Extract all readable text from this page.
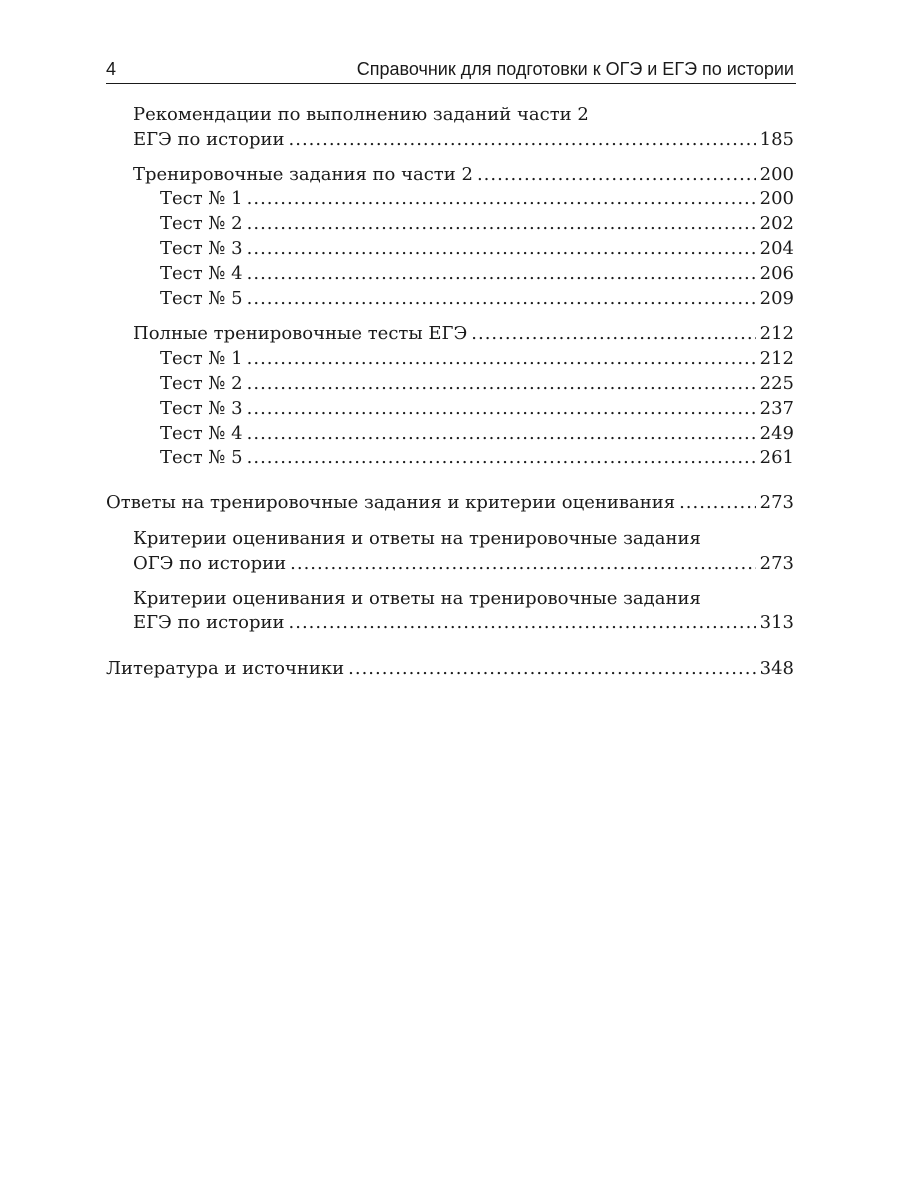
4	Справочник для подготовки к ОГЭ и ЕГЭ по истории
Рекомендации по выполнению заданий части 2
ЕГЭ по истории .....	185
Тренировочные задания по части 2 .....	200
Тест № 1 .....	200
Тест № 2 .....	202
Тест № 3 .....	204
Тест № 4 .....	206
Тест № 5 .....	209
Полные тренировочные тесты ЕГЭ .....	212
Тест № 1 .....	212
Тест № 2 .....	225
Тест № 3 .....	237
Тест № 4 .....	249
Тест № 5 .....	261
Ответы на тренировочные задания и критерии оценивания .....	273
Критерии оценивания и ответы на тренировочные задания
ОГЭ по истории .....	273
Критерии оценивания и ответы на тренировочные задания
ЕГЭ по истории .....	313
Литература и источники .....	348
